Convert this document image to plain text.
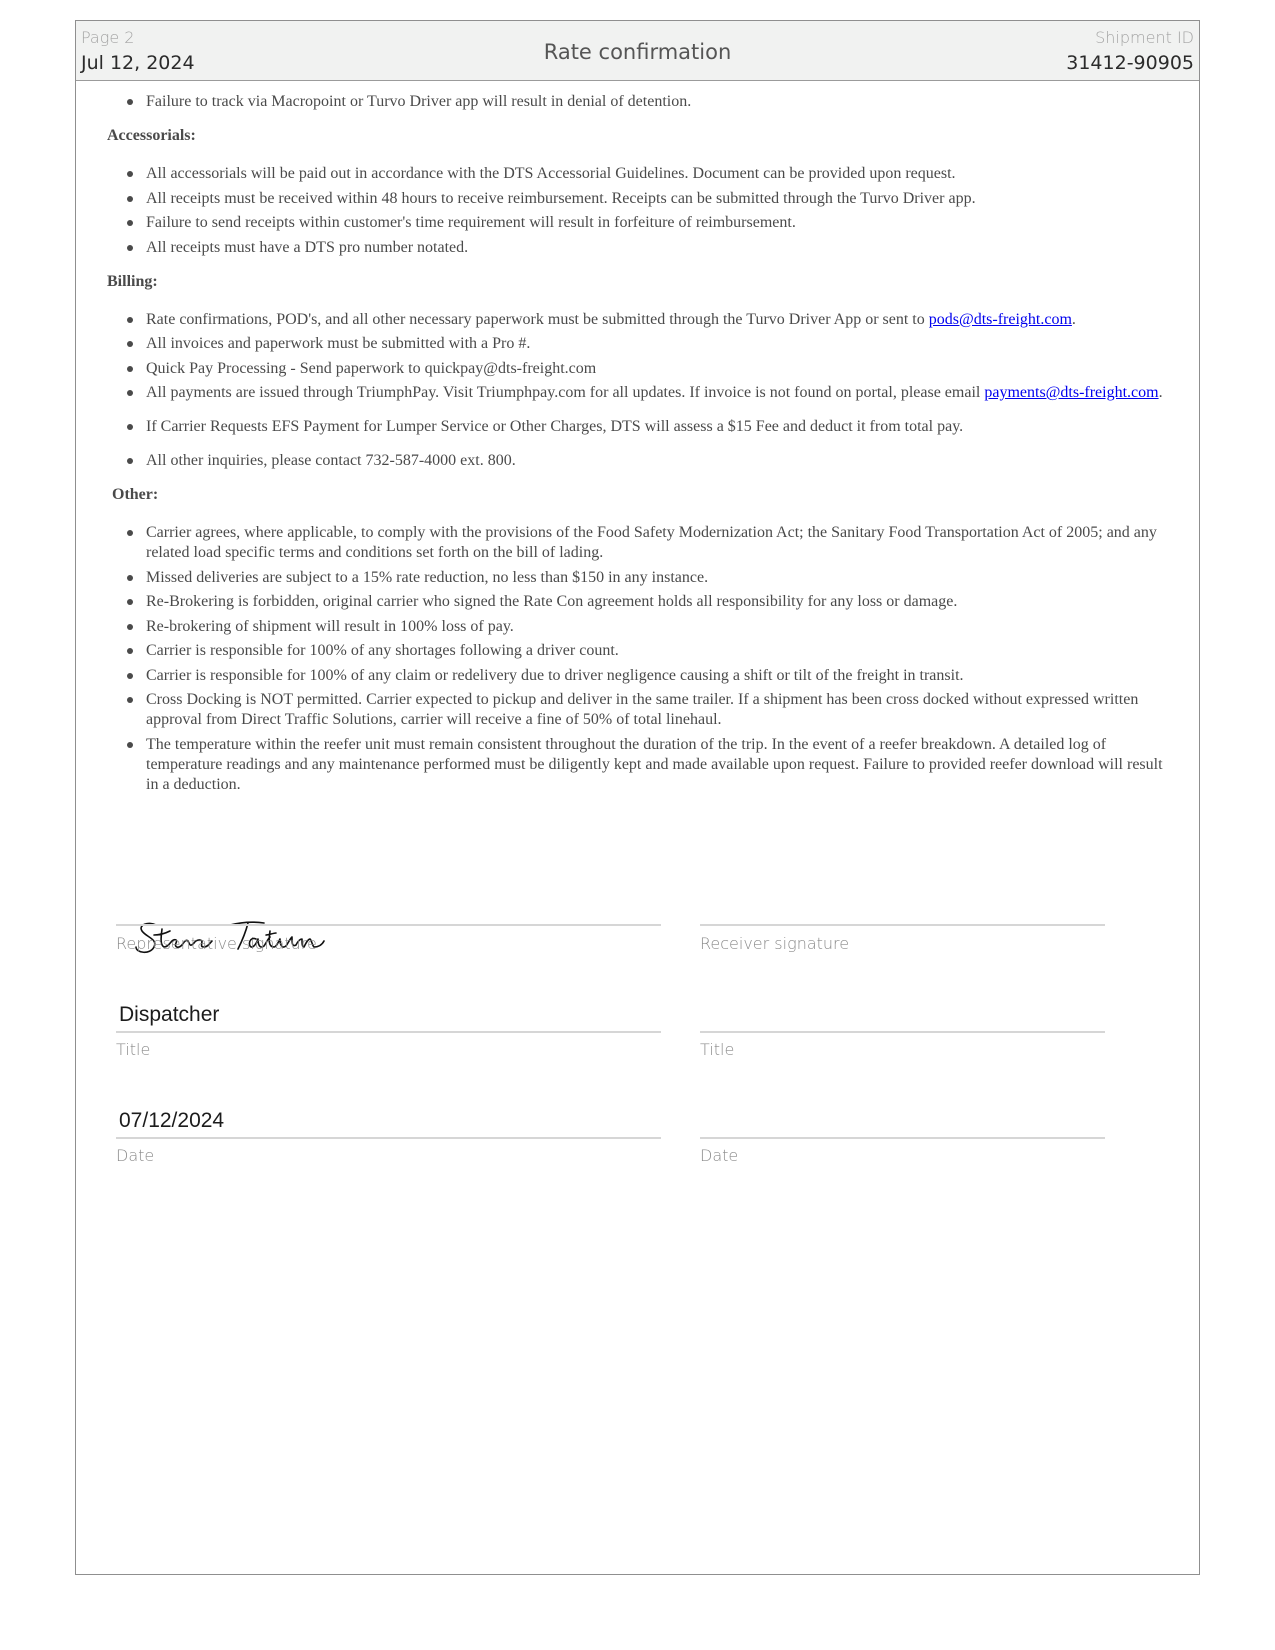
Page 2
Jul 12, 2024	Rate confirmation
Shipment ID
31412-90905
Failure to track via Macropoint or Turvo Driver app will result in denial of detention.

Accessorials:

All accessorials will be paid out in accordance with the DTS Accessorial Guidelines. Document can be provided upon request.
All receipts must be received within 48 hours to receive reimbursement. Receipts can be submitted through the Turvo Driver app.
Failure to send receipts within customer's time requirement will result in forfeiture of reimbursement.
All receipts must have a DTS pro number notated.

Billing:

Rate confirmations, POD's, and all other necessary paperwork must be submitted through the Turvo Driver App or sent to pods@dts-freight.com.
All invoices and paperwork must be submitted with a Pro #.
Quick Pay Processing - Send paperwork to quickpay@dts-freight.com
All payments are issued through TriumphPay. Visit Triumphpay.com for all updates. If invoice is not found on portal, please email payments@dts-freight.com.
If Carrier Requests EFS Payment for Lumper Service or Other Charges, DTS will assess a $15 Fee and deduct it from total pay.
All other inquiries, please contact 732-587-4000 ext. 800.

Other:

Carrier agrees, where applicable, to comply with the provisions of the Food Safety Modernization Act; the Sanitary Food Transportation Act of 2005; and any related load specific terms and conditions set forth on the bill of lading.
Missed deliveries are subject to a 15% rate reduction, no less than $150 in any instance.
Re-Brokering is forbidden, original carrier who signed the Rate Con agreement holds all responsibility for any loss or damage.
Re-brokering of shipment will result in 100% loss of pay.
Carrier is responsible for 100% of any shortages following a driver count.
Carrier is responsible for 100% of any claim or redelivery due to driver negligence causing a shift or tilt of the freight in transit.
Cross Docking is NOT permitted. Carrier expected to pickup and deliver in the same trailer. If a shipment has been cross docked without expressed written approval from Direct Traffic Solutions, carrier will receive a fine of 50% of total linehaul.
The temperature within the reefer unit must remain consistent throughout the duration of the trip. In the event of a reefer breakdown. A detailed log of temperature readings and any maintenance performed must be diligently kept and made available upon request. Failure to provided reefer download will result in a deduction.
Representative signature	Receiver signature
Dispatcher
Title	Title
07/12/2024
Date	Date
